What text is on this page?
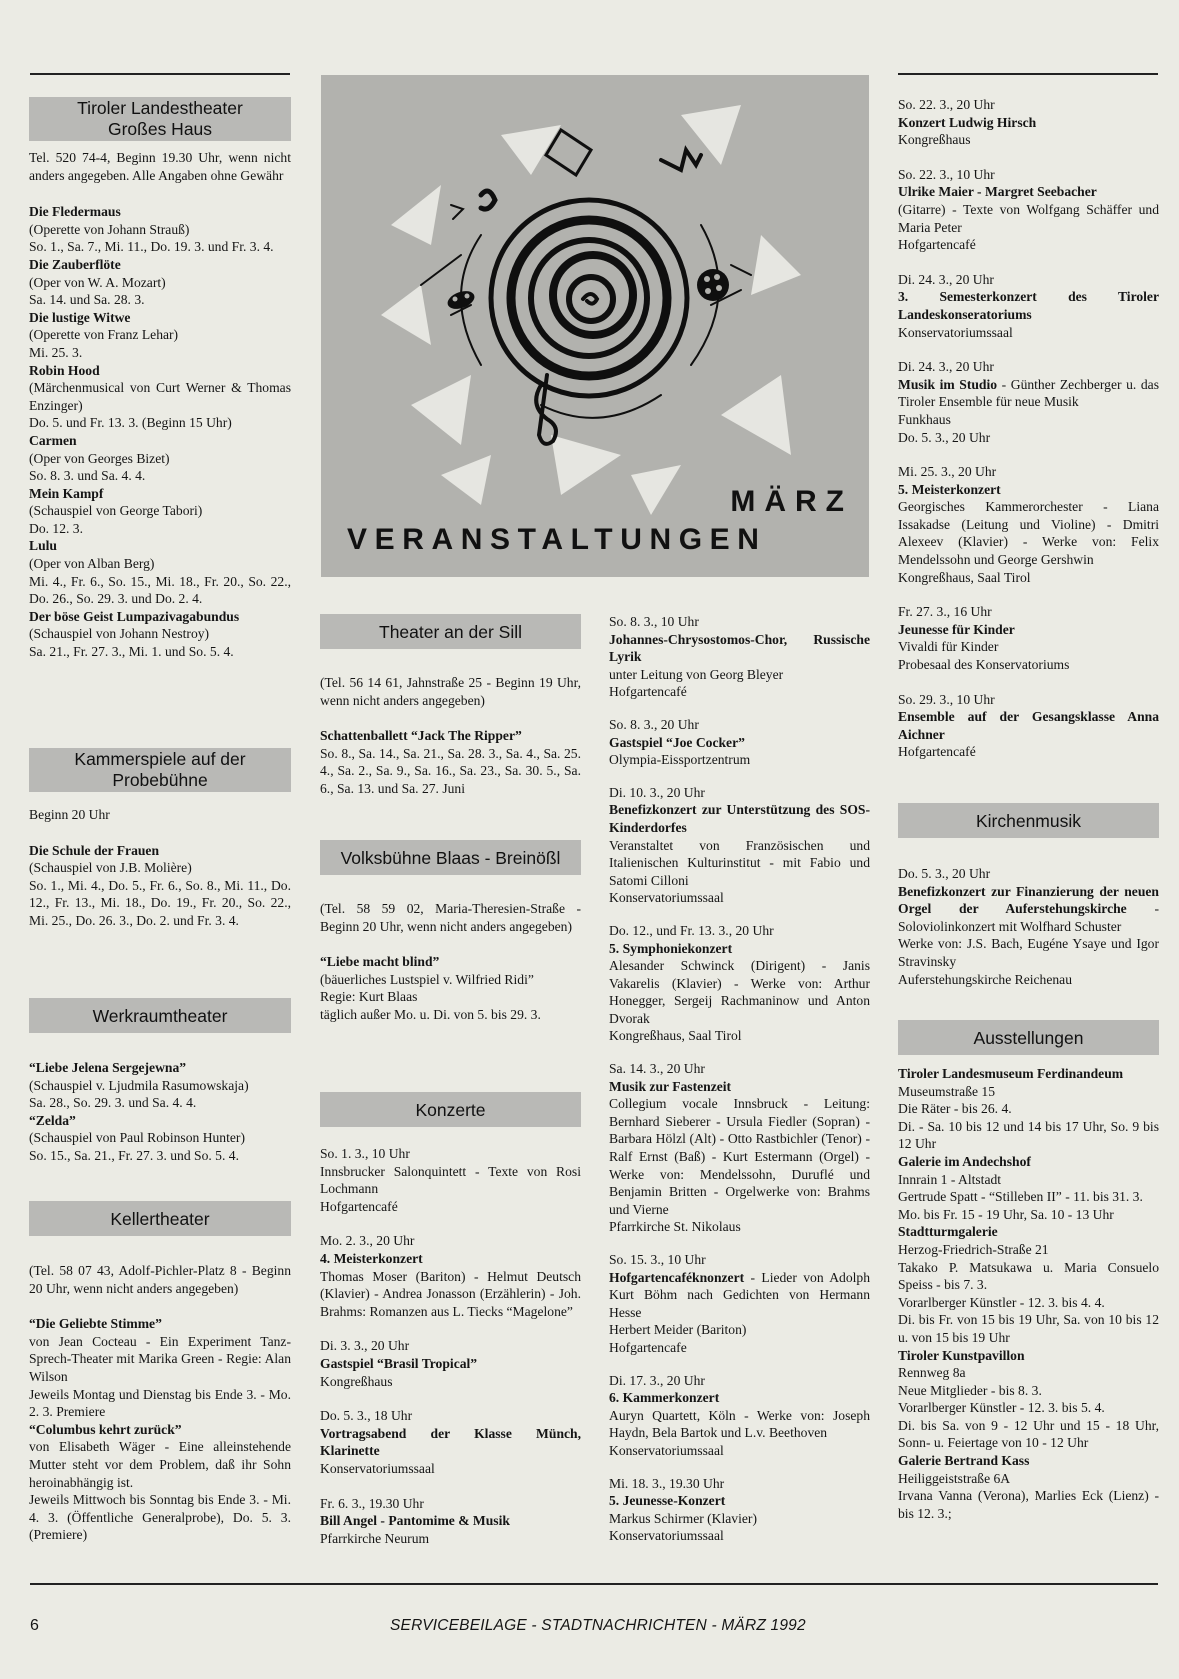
Tiroler Landestheater
Großes Haus

Tel. 520 74-4, Beginn 19.30 Uhr, wenn nicht anders angegeben. Alle Angaben ohne Gewähr

Die Fledermaus

(Operette von Johann Strauß)

So. 1., Sa. 7., Mi. 11., Do. 19. 3. und Fr. 3. 4.

Die Zauberflöte

(Oper von W. A. Mozart)

Sa. 14. und Sa. 28. 3.

Die lustige Witwe

(Operette von Franz Lehar)

Mi. 25. 3.

Robin Hood

(Märchenmusical von Curt Werner & Thomas Enzinger)

Do. 5. und Fr. 13. 3. (Beginn 15 Uhr)

Carmen

(Oper von Georges Bizet)

So. 8. 3. und Sa. 4. 4.

Mein Kampf

(Schauspiel von George Tabori)

Do. 12. 3.

Lulu

(Oper von Alban Berg)

Mi. 4., Fr. 6., So. 15., Mi. 18., Fr. 20., So. 22., Do. 26., So. 29. 3. und Do. 2. 4.

Der böse Geist Lumpazivagabundus

(Schauspiel von Johann Nestroy)

Sa. 21., Fr. 27. 3., Mi. 1. und So. 5. 4.

Kammerspiele auf der
Probebühne

Beginn 20 Uhr

Die Schule der Frauen

(Schauspiel von J.B. Molière)

So. 1., Mi. 4., Do. 5., Fr. 6., So. 8., Mi. 11., Do. 12., Fr. 13., Mi. 18., Do. 19., Fr. 20., So. 22., Mi. 25., Do. 26. 3., Do. 2. und Fr. 3. 4.

Werkraumtheater

“Liebe Jelena Sergejewna”

(Schauspiel v. Ljudmila Rasumowskaja)

Sa. 28., So. 29. 3. und Sa. 4. 4.

“Zelda”

(Schauspiel von Paul Robinson Hunter)

So. 15., Sa. 21., Fr. 27. 3. und So. 5. 4.

Kellertheater

(Tel. 58 07 43, Adolf-Pichler-Platz 8 - Beginn 20 Uhr, wenn nicht anders angegeben)

“Die Geliebte Stimme”

von Jean Cocteau - Ein Experiment Tanz-Sprech-Theater mit Marika Green - Regie: Alan Wilson

Jeweils Montag und Dienstag bis Ende 3. - Mo. 2. 3. Premiere

“Columbus kehrt zurück”

von Elisabeth Wäger - Eine alleinstehende Mutter steht vor dem Problem, daß ihr Sohn heroinabhängig ist.

Jeweils Mittwoch bis Sonntag bis Ende 3. - Mi. 4. 3. (Öffentliche Generalprobe), Do. 5. 3. (Premiere)

MÄRZ
VERANSTALTUNGEN
Theater an der Sill

(Tel. 56 14 61, Jahnstraße 25 - Beginn 19 Uhr, wenn nicht anders angegeben)

Schattenballett “Jack The Ripper”

So. 8., Sa. 14., Sa. 21., Sa. 28. 3., Sa. 4., Sa. 25. 4., Sa. 2., Sa. 9., Sa. 16., Sa. 23., Sa. 30. 5., Sa. 6., Sa. 13. und Sa. 27. Juni

Volksbühne Blaas - Breinößl

(Tel. 58 59 02, Maria-Theresien-Straße - Beginn 20 Uhr, wenn nicht anders angegeben)

“Liebe macht blind”

(bäuerliches Lustspiel v. Wilfried Ridi”

Regie: Kurt Blaas

täglich außer Mo. u. Di. von 5. bis 29. 3.

Konzerte

So. 1. 3., 10 Uhr

Innsbrucker Salonquintett - Texte von Rosi Lochmann

Hofgartencafé

Mo. 2. 3., 20 Uhr

4. Meisterkonzert

Thomas Moser (Bariton) - Helmut Deutsch (Klavier) - Andrea Jonasson (Erzählerin) - Joh. Brahms: Romanzen aus L. Tiecks “Magelone”

Di. 3. 3., 20 Uhr

Gastspiel “Brasil Tropical”

Kongreßhaus

Do. 5. 3., 18 Uhr

Vortragsabend der Klasse Münch, Klarinette

Konservatoriumssaal

Fr. 6. 3., 19.30 Uhr

Bill Angel - Pantomime & Musik

Pfarrkirche Neurum

So. 8. 3., 10 Uhr

Johannes-Chrysostomos-Chor, Russische Lyrik

unter Leitung von Georg Bleyer

Hofgartencafé

So. 8. 3., 20 Uhr

Gastspiel “Joe Cocker”

Olympia-Eissportzentrum

Di. 10. 3., 20 Uhr

Benefizkonzert zur Unterstützung des SOS-Kinderdorfes

Veranstaltet von Französischen und Italienischen Kulturinstitut - mit Fabio und Satomi Cilloni

Konservatoriumssaal

Do. 12., und Fr. 13. 3., 20 Uhr

5. Symphoniekonzert

Alesander Schwinck (Dirigent) - Janis Vakarelis (Klavier) - Werke von: Arthur Honegger, Sergeij Rachmaninow und Anton Dvorak

Kongreßhaus, Saal Tirol

Sa. 14. 3., 20 Uhr

Musik zur Fastenzeit

Collegium vocale Innsbruck - Leitung: Bernhard Sieberer - Ursula Fiedler (Sopran) - Barbara Hölzl (Alt) - Otto Rastbichler (Tenor) - Ralf Ernst (Baß) - Kurt Estermann (Orgel) - Werke von: Mendelssohn, Duruflé und Benjamin Britten - Orgelwerke von: Brahms und Vierne

Pfarrkirche St. Nikolaus

So. 15. 3., 10 Uhr

Hofgartencaféknonzert - Lieder von Adolph Kurt Böhm nach Gedichten von Hermann Hesse

Herbert Meider (Bariton)

Hofgartencafe

Di. 17. 3., 20 Uhr

6. Kammerkonzert

Auryn Quartett, Köln - Werke von: Joseph Haydn, Bela Bartok und L.v. Beethoven

Konservatoriumssaal

Mi. 18. 3., 19.30 Uhr

5. Jeunesse-Konzert

Markus Schirmer (Klavier)

Konservatoriumssaal

So. 22. 3., 20 Uhr

Konzert Ludwig Hirsch

Kongreßhaus

So. 22. 3., 10 Uhr

Ulrike Maier - Margret Seebacher

(Gitarre) - Texte von Wolfgang Schäffer und Maria Peter

Hofgartencafé

Di. 24. 3., 20 Uhr

3. Semesterkonzert des Tiroler Landeskonseratoriums

Konservatoriumssaal

Di. 24. 3., 20 Uhr

Musik im Studio - Günther Zechberger u. das Tiroler Ensemble für neue Musik

Funkhaus

Do. 5. 3., 20 Uhr

Mi. 25. 3., 20 Uhr

5. Meisterkonzert

Georgisches Kammerorchester - Liana Issakadse (Leitung und Violine) - Dmitri Alexeev (Klavier) - Werke von: Felix Mendelssohn und George Gershwin

Kongreßhaus, Saal Tirol

Fr. 27. 3., 16 Uhr

Jeunesse für Kinder

Vivaldi für Kinder

Probesaal des Konservatoriums

So. 29. 3., 10 Uhr

Ensemble auf der Gesangsklasse Anna Aichner

Hofgartencafé

Kirchenmusik

Do. 5. 3., 20 Uhr

Benefizkonzert zur Finanzierung der neuen Orgel der Auferstehungskirche - Soloviolinkonzert mit Wolfhard Schuster

Werke von: J.S. Bach, Eugéne Ysaye und Igor Stravinsky

Auferstehungskirche Reichenau

Ausstellungen

Tiroler Landesmuseum Ferdinandeum

Museumstraße 15

Die Räter - bis 26. 4.

Di. - Sa. 10 bis 12 und 14 bis 17 Uhr, So. 9 bis 12 Uhr

Galerie im Andechshof

Innrain 1 - Altstadt

Gertrude Spatt - “Stilleben II” - 11. bis 31. 3.

Mo. bis Fr. 15 - 19 Uhr, Sa. 10 - 13 Uhr

Stadtturmgalerie

Herzog-Friedrich-Straße 21

Takako P. Matsukawa u. Maria Consuelo Speiss - bis 7. 3.

Vorarlberger Künstler - 12. 3. bis 4. 4.

Di. bis Fr. von 15 bis 19 Uhr, Sa. von 10 bis 12 u. von 15 bis 19 Uhr

Tiroler Kunstpavillon

Rennweg 8a

Neue Mitglieder - bis 8. 3.

Vorarlberger Künstler - 12. 3. bis 5. 4.

Di. bis Sa. von 9 - 12 Uhr und 15 - 18 Uhr, Sonn- u. Feiertage von 10 - 12 Uhr

Galerie Bertrand Kass

Heiliggeiststraße 6A

Irvana Vanna (Verona), Marlies Eck (Lienz) - bis 12. 3.;

6	SERVICEBEILAGE - STADTNACHRICHTEN - MÄRZ 1992
